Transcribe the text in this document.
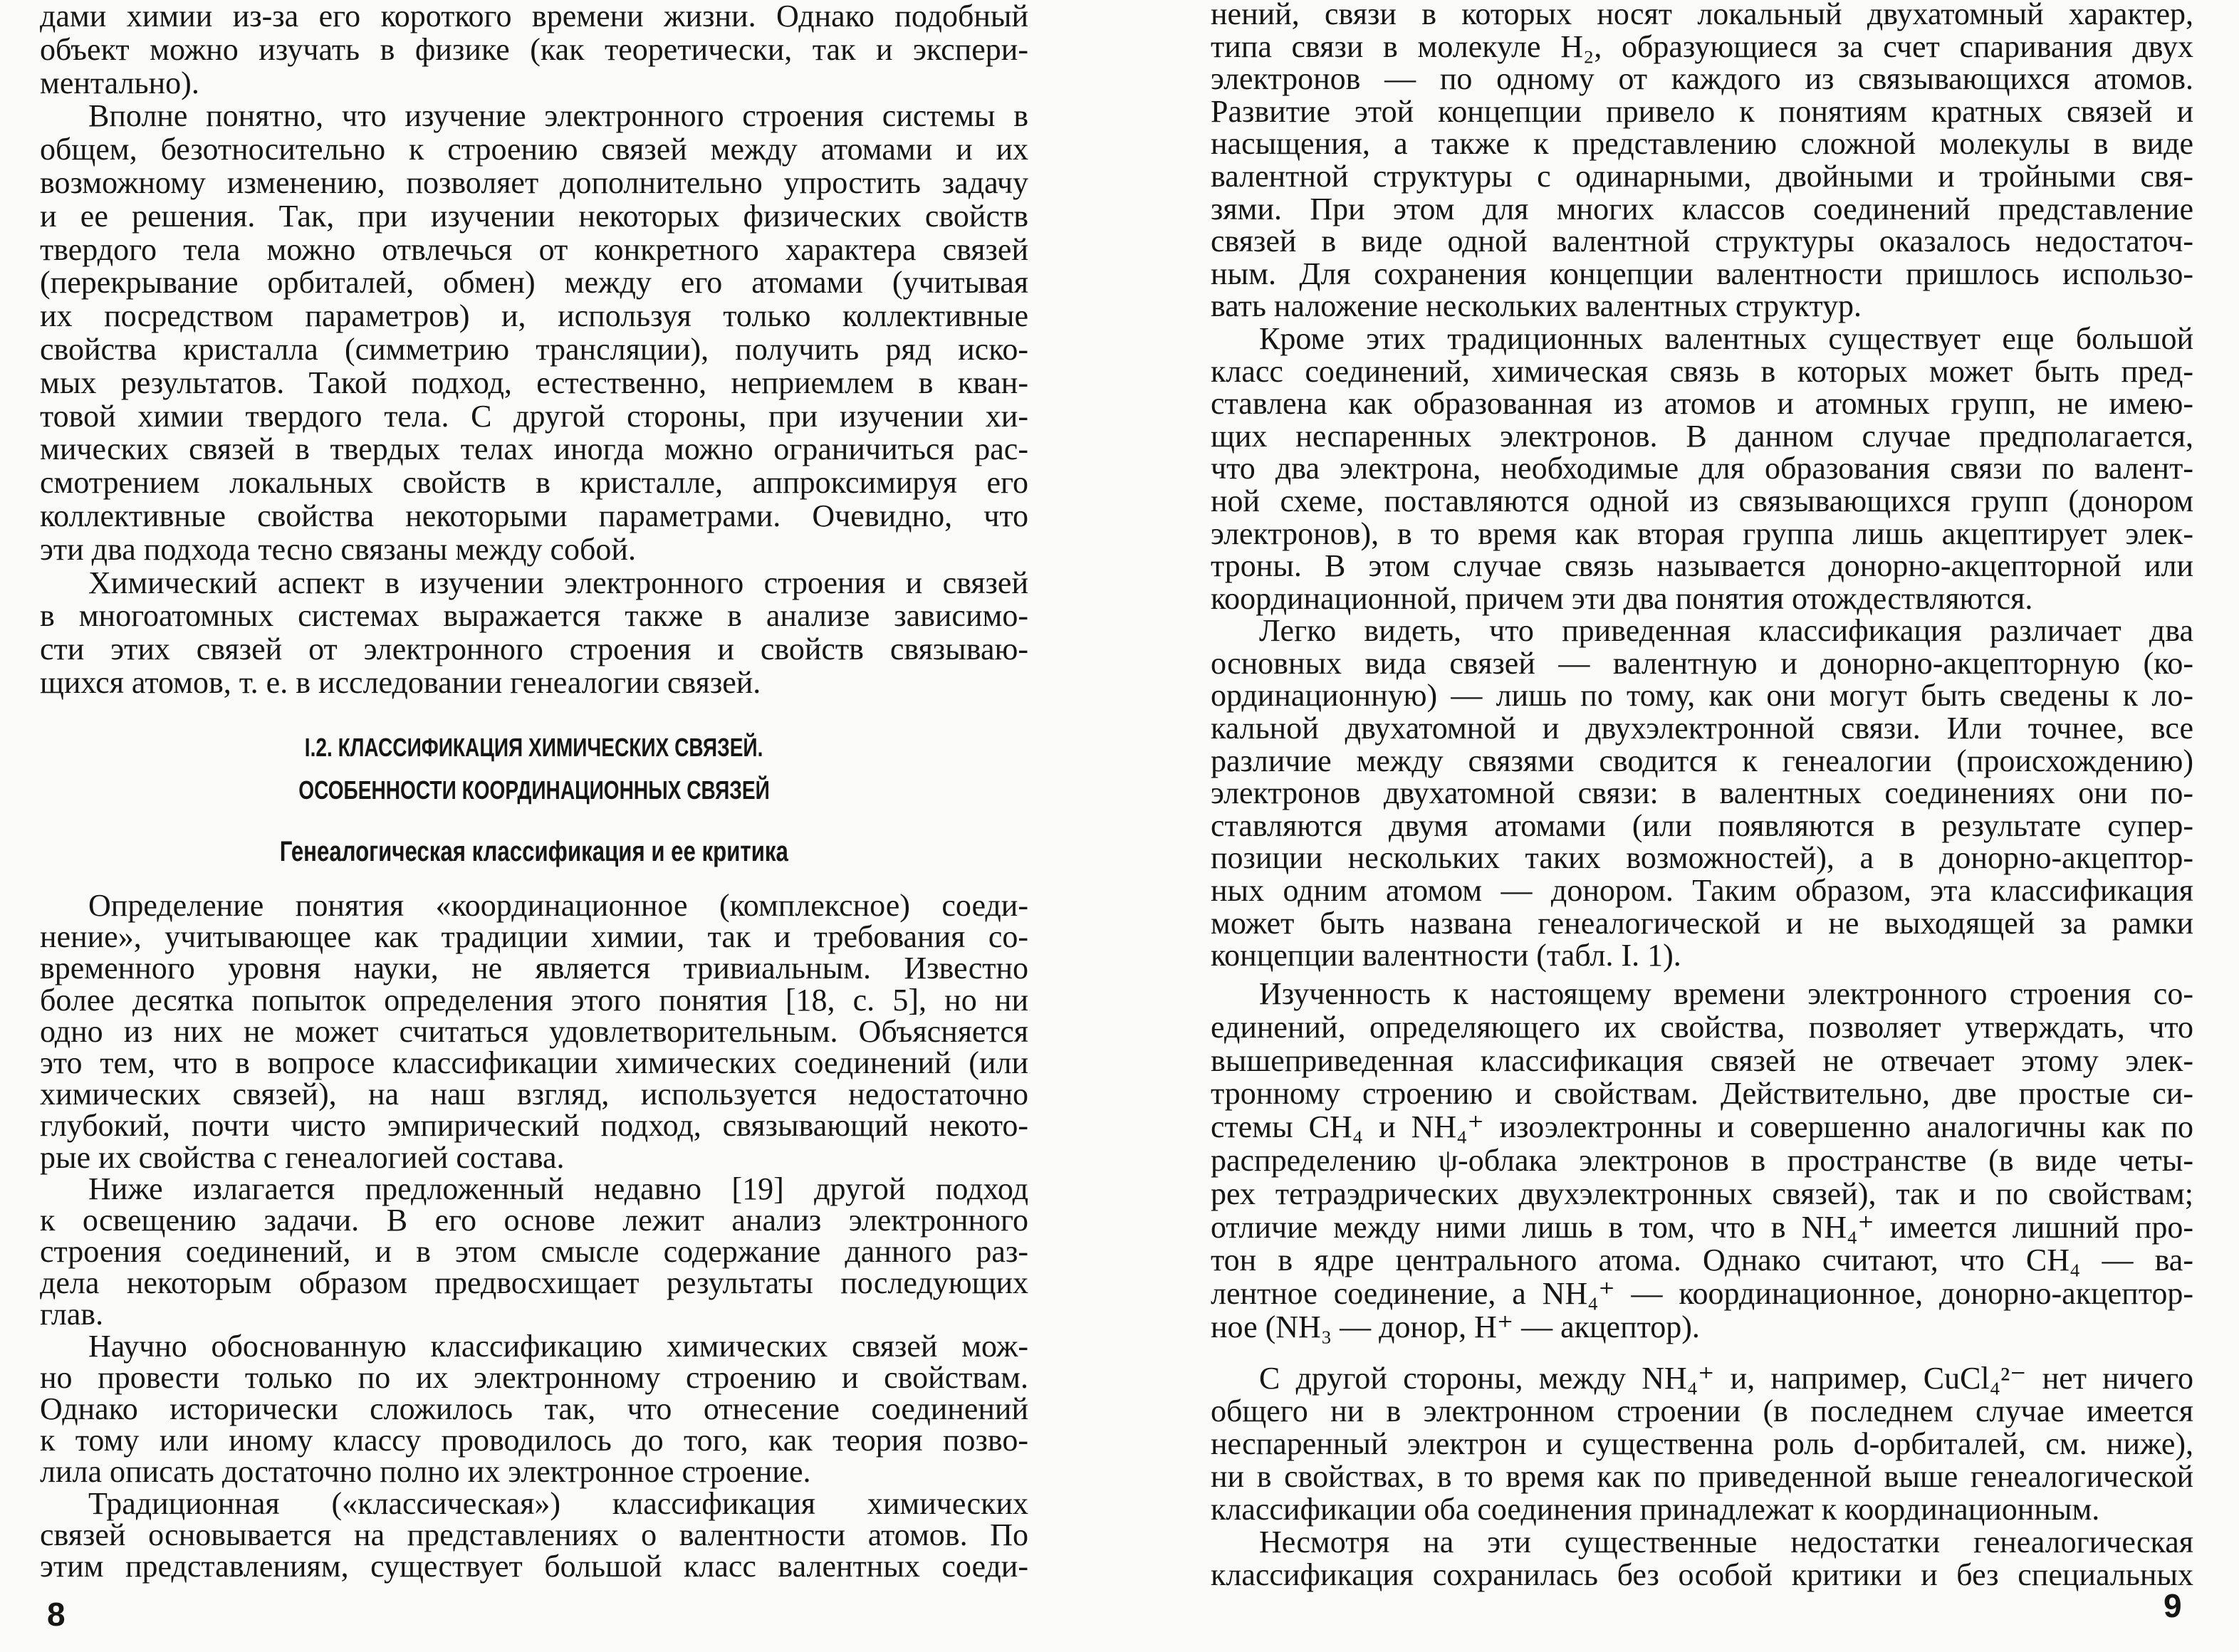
дами химии из-за его короткого времени жизни. Однако подобный
объект можно изучать в физике (как теоретически, так и экспери-
ментально).
Вполне понятно, что изучение электронного строения системы в
общем, безотносительно к строению связей между атомами и их
возможному изменению, позволяет дополнительно упростить задачу
и ее решения. Так, при изучении некоторых физических свойств
твердого тела можно отвлечься от конкретного характера связей
(перекрывание орбиталей, обмен) между его атомами (учитывая
их посредством параметров) и, используя только коллективные
свойства кристалла (симметрию трансляции), получить ряд иско-
мых результатов. Такой подход, естественно, неприемлем в кван-
товой химии твердого тела. С другой стороны, при изучении хи-
мических связей в твердых телах иногда можно ограничиться рас-
смотрением локальных свойств в кристалле, аппроксимируя его
коллективные свойства некоторыми параметрами. Очевидно, что
эти два подхода тесно связаны между собой.
Химический аспект в изучении электронного строения и связей
в многоатомных системах выражается также в анализе зависимо-
сти этих связей от электронного строения и свойств связываю-
щихся атомов, т. е. в исследовании генеалогии связей.
I.2. КЛАССИФИКАЦИЯ ХИМИЧЕСКИХ СВЯЗЕЙ.
ОСОБЕННОСТИ КООРДИНАЦИОННЫХ СВЯЗЕЙ
Генеалогическая классификация и ее критика
Определение понятия «координационное (комплексное) соеди-
нение», учитывающее как традиции химии, так и требования со-
временного уровня науки, не является тривиальным. Известно
более десятка попыток определения этого понятия [18, с. 5], но ни
одно из них не может считаться удовлетворительным. Объясняется
это тем, что в вопросе классификации химических соединений (или
химических связей), на наш взгляд, используется недостаточно
глубокий, почти чисто эмпирический подход, связывающий некото-
рые их свойства с генеалогией состава.
Ниже излагается предложенный недавно [19] другой подход
к освещению задачи. В его основе лежит анализ электронного
строения соединений, и в этом смысле содержание данного раз-
дела некоторым образом предвосхищает результаты последующих
глав.
Научно обоснованную классификацию химических связей мож-
но провести только по их электронному строению и свойствам.
Однако исторически сложилось так, что отнесение соединений
к тому или иному классу проводилось до того, как теория позво-
лила описать достаточно полно их электронное строение.
Традиционная («классическая») классификация химических
связей основывается на представлениях о валентности атомов. По
этим представлениям, существует большой класс валентных соеди-
8
нений, связи в которых носят локальный двухатомный характер,
типа связи в молекуле H₂, образующиеся за счет спаривания двух
электронов — по одному от каждого из связывающихся атомов.
Развитие этой концепции привело к понятиям кратных связей и
насыщения, а также к представлению сложной молекулы в виде
валентной структуры с одинарными, двойными и тройными свя-
зями. При этом для многих классов соединений представление
связей в виде одной валентной структуры оказалось недостаточ-
ным. Для сохранения концепции валентности пришлось использо-
вать наложение нескольких валентных структур.
Кроме этих традиционных валентных существует еще большой
класс соединений, химическая связь в которых может быть пред-
ставлена как образованная из атомов и атомных групп, не имею-
щих неспаренных электронов. В данном случае предполагается,
что два электрона, необходимые для образования связи по валент-
ной схеме, поставляются одной из связывающихся групп (донором
электронов), в то время как вторая группа лишь акцептирует элек-
троны. В этом случае связь называется донорно-акцепторной или
координационной, причем эти два понятия отождествляются.
Легко видеть, что приведенная классификация различает два
основных вида связей — валентную и донорно-акцепторную (ко-
ординационную) — лишь по тому, как они могут быть сведены к ло-
кальной двухатомной и двухэлектронной связи. Или точнее, все
различие между связями сводится к генеалогии (происхождению)
электронов двухатомной связи: в валентных соединениях они по-
ставляются двумя атомами (или появляются в результате супер-
позиции нескольких таких возможностей), а в донорно-акцептор-
ных одним атомом — донором. Таким образом, эта классификация
может быть названа генеалогической и не выходящей за рамки
концепции валентности (табл. I. 1).
Изученность к настоящему времени электронного строения со-
единений, определяющего их свойства, позволяет утверждать, что
вышеприведенная классификация связей не отвечает этому элек-
тронному строению и свойствам. Действительно, две простые си-
стемы CH₄ и NH₄⁺ изоэлектронны и совершенно аналогичны как по
распределению ψ-облака электронов в пространстве (в виде четы-
рех тетраэдрических двухэлектронных связей), так и по свойствам;
отличие между ними лишь в том, что в NH₄⁺ имеется лишний про-
тон в ядре центрального атома. Однако считают, что CH₄ — ва-
лентное соединение, а NH₄⁺ — координационное, донорно-акцептор-
ное (NH₃ — донор, H⁺ — акцептор).
С другой стороны, между NH₄⁺ и, например, CuCl₄²⁻ нет ничего
общего ни в электронном строении (в последнем случае имеется
неспаренный электрон и существенна роль d-орбиталей, см. ниже),
ни в свойствах, в то время как по приведенной выше генеалогической
классификации оба соединения принадлежат к координационным.
Несмотря на эти существенные недостатки генеалогическая
классификация сохранилась без особой критики и без специальных
9
